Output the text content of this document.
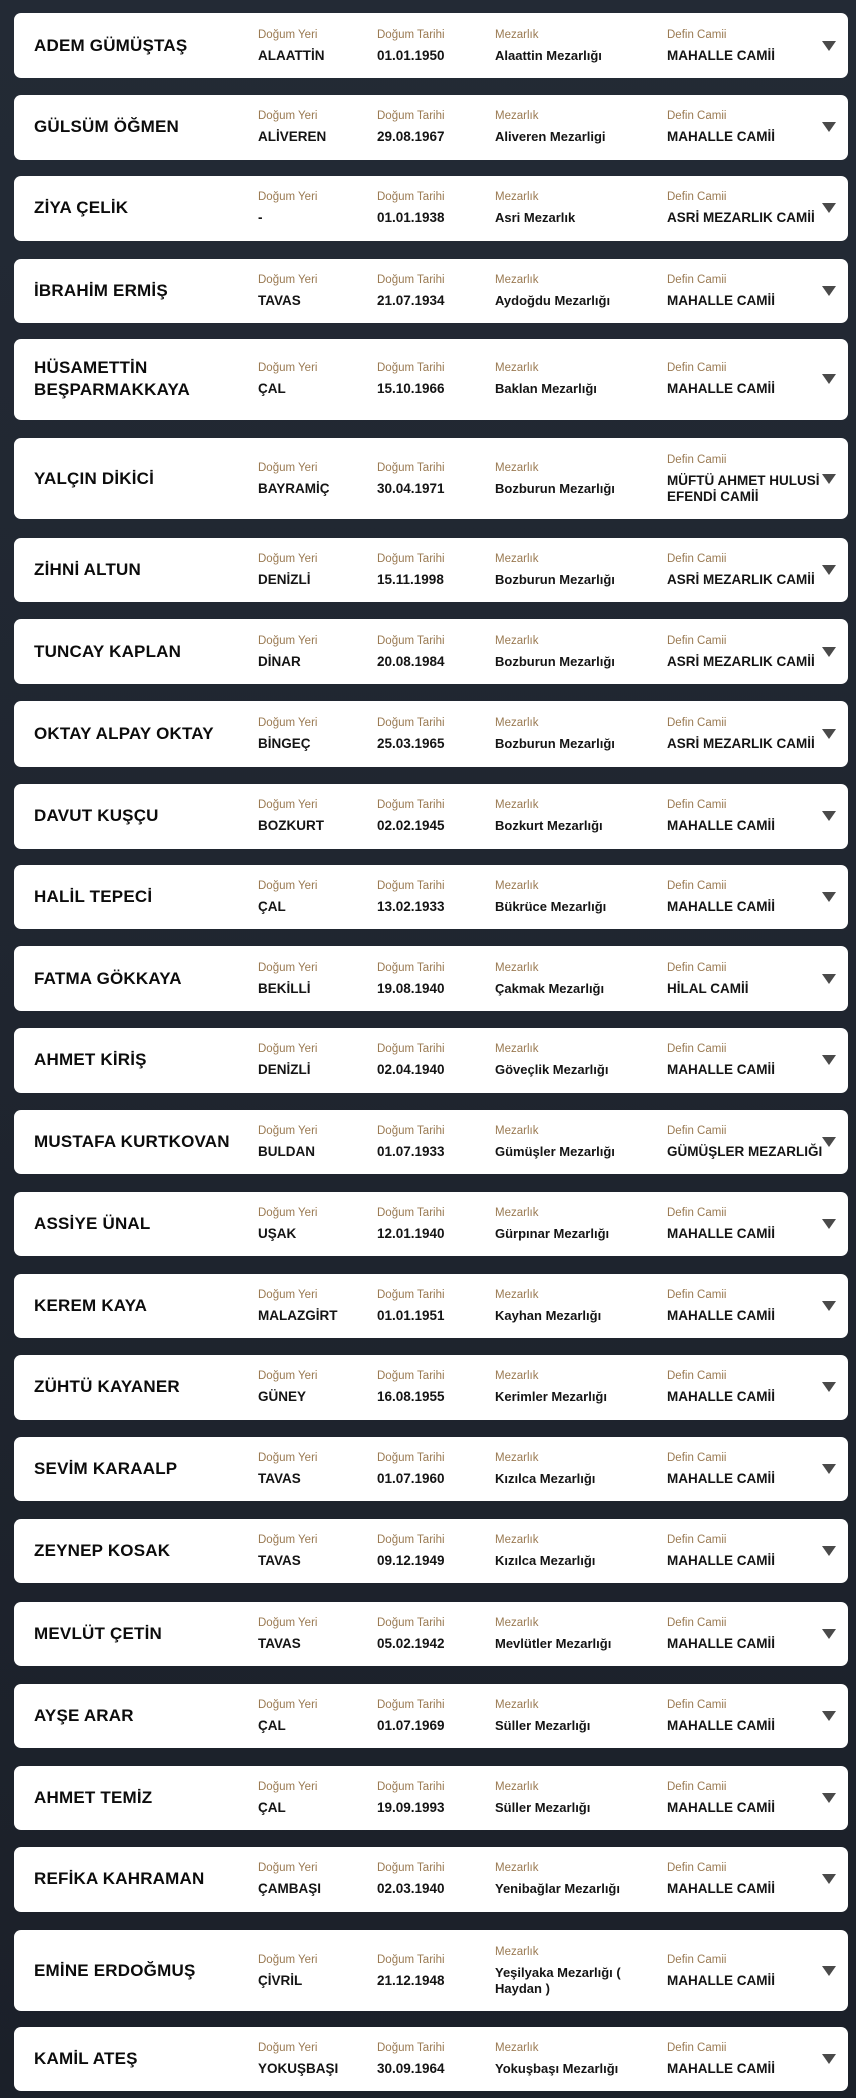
ADEM GÜMÜŞTAŞ
Doğum Yeri
ALAATTİN
Doğum Tarihi
01.01.1950
Mezarlık
Alaattin Mezarlığı
Defin Camii
MAHALLE CAMİİ
GÜLSÜM ÖĞMEN
Doğum Yeri
ALİVEREN
Doğum Tarihi
29.08.1967
Mezarlık
Aliveren Mezarligi
Defin Camii
MAHALLE CAMİİ
ZİYA ÇELİK
Doğum Yeri
-
Doğum Tarihi
01.01.1938
Mezarlık
Asri Mezarlık
Defin Camii
ASRİ MEZARLIK CAMİİ
İBRAHİM ERMİŞ
Doğum Yeri
TAVAS
Doğum Tarihi
21.07.1934
Mezarlık
Aydoğdu Mezarlığı
Defin Camii
MAHALLE CAMİİ
HÜSAMETTİN BEŞPARMAKKAYA
Doğum Yeri
ÇAL
Doğum Tarihi
15.10.1966
Mezarlık
Baklan Mezarlığı
Defin Camii
MAHALLE CAMİİ
YALÇIN DİKİCİ
Doğum Yeri
BAYRAMİÇ
Doğum Tarihi
30.04.1971
Mezarlık
Bozburun Mezarlığı
Defin Camii
MÜFTÜ AHMET HULUSİ EFENDİ CAMİİ
ZİHNİ ALTUN
Doğum Yeri
DENİZLİ
Doğum Tarihi
15.11.1998
Mezarlık
Bozburun Mezarlığı
Defin Camii
ASRİ MEZARLIK CAMİİ
TUNCAY KAPLAN
Doğum Yeri
DİNAR
Doğum Tarihi
20.08.1984
Mezarlık
Bozburun Mezarlığı
Defin Camii
ASRİ MEZARLIK CAMİİ
OKTAY ALPAY OKTAY
Doğum Yeri
BİNGEÇ
Doğum Tarihi
25.03.1965
Mezarlık
Bozburun Mezarlığı
Defin Camii
ASRİ MEZARLIK CAMİİ
DAVUT KUŞÇU
Doğum Yeri
BOZKURT
Doğum Tarihi
02.02.1945
Mezarlık
Bozkurt Mezarlığı
Defin Camii
MAHALLE CAMİİ
HALİL TEPECİ
Doğum Yeri
ÇAL
Doğum Tarihi
13.02.1933
Mezarlık
Bükrüce Mezarlığı
Defin Camii
MAHALLE CAMİİ
FATMA GÖKKAYA
Doğum Yeri
BEKİLLİ
Doğum Tarihi
19.08.1940
Mezarlık
Çakmak Mezarlığı
Defin Camii
HİLAL CAMİİ
AHMET KİRİŞ
Doğum Yeri
DENİZLİ
Doğum Tarihi
02.04.1940
Mezarlık
Göveçlik Mezarlığı
Defin Camii
MAHALLE CAMİİ
MUSTAFA KURTKOVAN
Doğum Yeri
BULDAN
Doğum Tarihi
01.07.1933
Mezarlık
Gümüşler Mezarlığı
Defin Camii
GÜMÜŞLER MEZARLIĞI
ASSİYE ÜNAL
Doğum Yeri
UŞAK
Doğum Tarihi
12.01.1940
Mezarlık
Gürpınar Mezarlığı
Defin Camii
MAHALLE CAMİİ
KEREM KAYA
Doğum Yeri
MALAZGİRT
Doğum Tarihi
01.01.1951
Mezarlık
Kayhan Mezarlığı
Defin Camii
MAHALLE CAMİİ
ZÜHTÜ KAYANER
Doğum Yeri
GÜNEY
Doğum Tarihi
16.08.1955
Mezarlık
Kerimler Mezarlığı
Defin Camii
MAHALLE CAMİİ
SEVİM KARAALP
Doğum Yeri
TAVAS
Doğum Tarihi
01.07.1960
Mezarlık
Kızılca Mezarlığı
Defin Camii
MAHALLE CAMİİ
ZEYNEP KOSAK
Doğum Yeri
TAVAS
Doğum Tarihi
09.12.1949
Mezarlık
Kızılca Mezarlığı
Defin Camii
MAHALLE CAMİİ
MEVLÜT ÇETİN
Doğum Yeri
TAVAS
Doğum Tarihi
05.02.1942
Mezarlık
Mevlütler Mezarlığı
Defin Camii
MAHALLE CAMİİ
AYŞE ARAR
Doğum Yeri
ÇAL
Doğum Tarihi
01.07.1969
Mezarlık
Süller Mezarlığı
Defin Camii
MAHALLE CAMİİ
AHMET TEMİZ
Doğum Yeri
ÇAL
Doğum Tarihi
19.09.1993
Mezarlık
Süller Mezarlığı
Defin Camii
MAHALLE CAMİİ
REFİKA KAHRAMAN
Doğum Yeri
ÇAMBAŞI
Doğum Tarihi
02.03.1940
Mezarlık
Yenibağlar Mezarlığı
Defin Camii
MAHALLE CAMİİ
EMİNE ERDOĞMUŞ
Doğum Yeri
ÇİVRİL
Doğum Tarihi
21.12.1948
Mezarlık
Yeşilyaka Mezarlığı ( Haydan )
Defin Camii
MAHALLE CAMİİ
KAMİL ATEŞ
Doğum Yeri
YOKUŞBAŞI
Doğum Tarihi
30.09.1964
Mezarlık
Yokuşbaşı Mezarlığı
Defin Camii
MAHALLE CAMİİ
